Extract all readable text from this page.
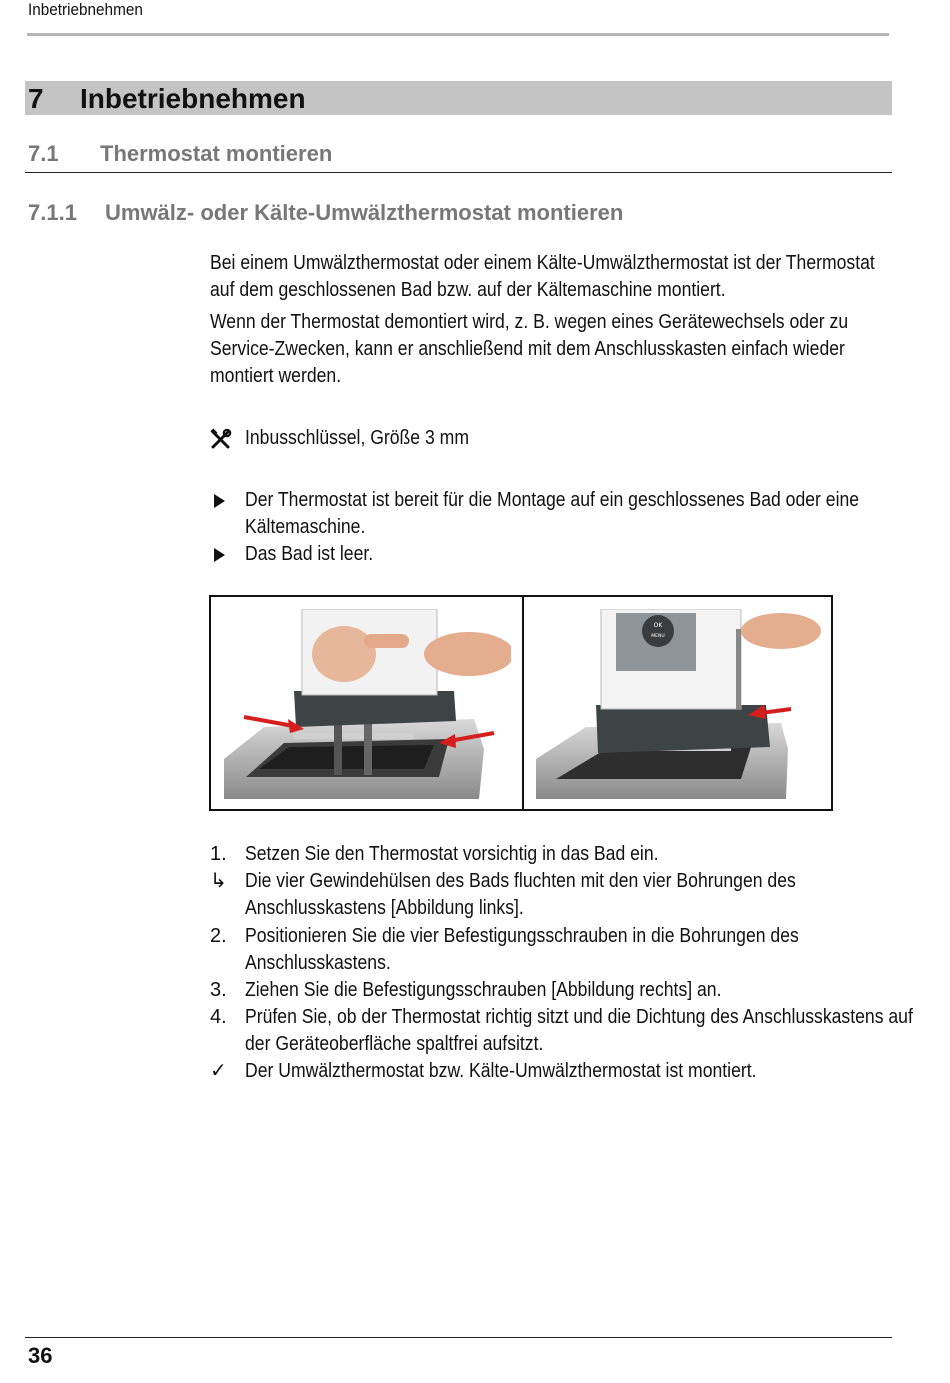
Inbetriebnehmen
7 Inbetriebnehmen
7.1 Thermostat montieren
7.1.1 Umwälz- oder Kälte-Umwälzthermostat montieren

Bei einem Umwälzthermostat oder einem Kälte-Umwälzthermostat ist der Thermostat auf dem geschlossenen Bad bzw. auf der Kältemaschine montiert.

Wenn der Thermostat demontiert wird, z. B. wegen eines Gerätewechsels oder zu Service-Zwecken, kann er anschließend mit dem Anschlusskasten einfach wieder montiert werden.

Inbusschlüssel, Größe 3 mm
Der Thermostat ist bereit für die Montage auf ein geschlossenes Bad oder eine Kältemaschine.
Das Bad ist leer.
OK
MENU
1. Setzen Sie den Thermostat vorsichtig in das Bad ein.
↳ Die vier Gewindehülsen des Bads fluchten mit den vier Bohrungen des Anschlusskastens [Abbildung links].
2. Positionieren Sie die vier Befestigungsschrauben in die Bohrungen des Anschlusskastens.
3. Ziehen Sie die Befestigungsschrauben [Abbildung rechts] an.
4. Prüfen Sie, ob der Thermostat richtig sitzt und die Dichtung des Anschlusskastens auf der Geräteoberfläche spaltfrei aufsitzt.
✓ Der Umwälzthermostat bzw. Kälte-Umwälzthermostat ist montiert.
36
